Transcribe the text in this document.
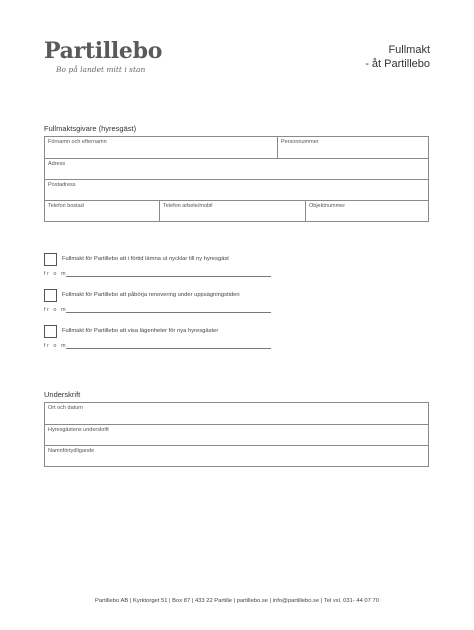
Partillebo
Bo på landet mitt i stan
Fullmakt
- åt Partillebo
Fullmaktsgivare (hyresgäst)
Förnamn och efternamn	Personnummer
Adress
Postadress
Telefon bostad	Telefon arbete/mobil	Objektnummer
Fullmakt för Partillebo att i förtid lämna ut nycklar till ny hyresgäst
fr o m
Fullmakt för Partillebo att påbörja renovering under uppsägningstiden
fr o m
Fullmakt för Partillebo att visa lägenheter för nya hyresgäster
fr o m
Underskrift
Ort och datum
Hyresgästens underskrift
Namnförtydligande
Partillebo AB | Kyrktorget 51 | Box 87 | 433 22 Partille | partillebo.se | info@partillebo.se | Tel vxl. 031- 44 07 70
